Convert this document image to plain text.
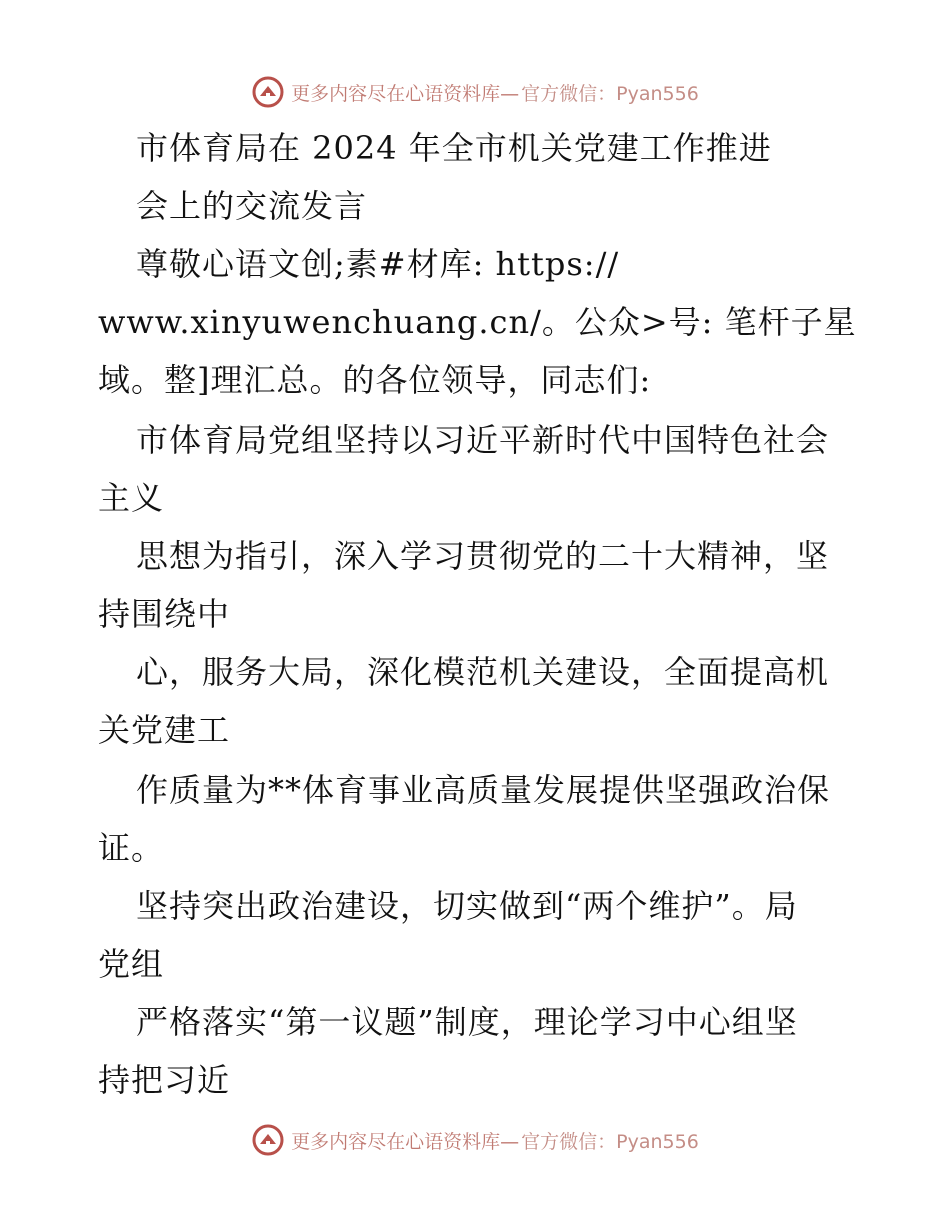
更多内容尽在心语资料库— 官方微信：Pyan556

市体育局在 2024 年全市机关党建工作推进

会上的交流发言

尊敬心语文创;素#材库: https://

www.xinyuwenchuang.cn/。公众>号: 笔杆子星

域。整]理汇总。的各位领导，同志们:

市体育局党组坚持以习近平新时代中国特色社会

主义

思想为指引，深入学习贯彻党的二十大精神，坚

持围绕中

心，服务大局，深化模范机关建设，全面提高机

关党建工

作质量为**体育事业高质量发展提供坚强政治保

证。

坚持突出政治建设，切实做到“两个维护”。局

党组

严格落实“第一议题”制度，理论学习中心组坚

持把习近

更多内容尽在心语资料库— 官方微信：Pyan556
